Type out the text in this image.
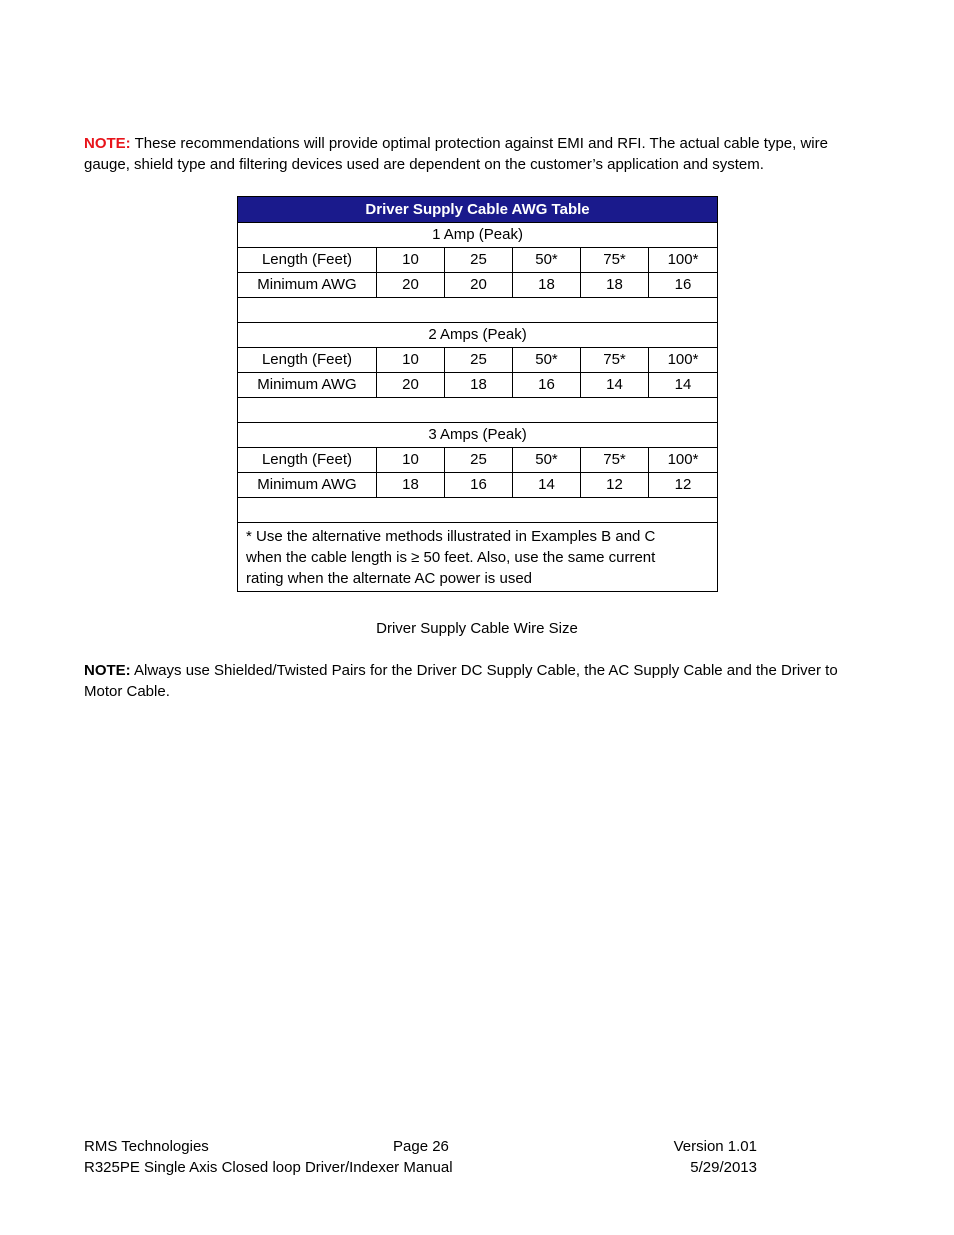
NOTE: These recommendations will provide optimal protection against EMI and RFI. The actual cable type, wire gauge, shield type and filtering devices used are dependent on the customer’s application and system.
Driver Supply Cable AWG Table					
1 Amp (Peak)					
Length (Feet)	10	25	50*	75*	100*
Minimum AWG	20	20	18	18	16

2 Amps (Peak)					
Length (Feet)	10	25	50*	75*	100*
Minimum AWG	20	18	16	14	14

3 Amps (Peak)					
Length (Feet)	10	25	50*	75*	100*
Minimum AWG	18	16	14	12	12

* Use the alternative methods illustrated in Examples B and C
when the cable length is ≥ 50 feet. Also, use the same current
rating when the alternate AC power is used					
Driver Supply Cable Wire Size
NOTE: Always use Shielded/Twisted Pairs for the Driver DC Supply Cable, the AC Supply Cable and the Driver to Motor Cable.
RMS Technologies	Page 26	Version 1.01
R325PE Single Axis Closed loop Driver/Indexer Manual	5/29/2013
